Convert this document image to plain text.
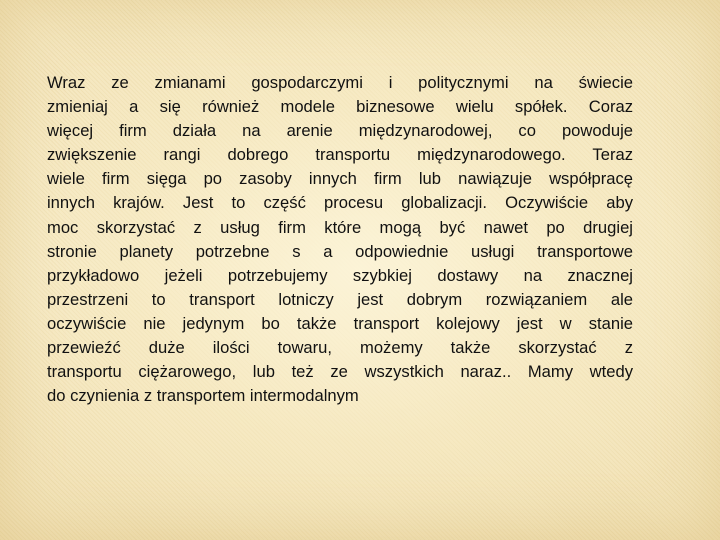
Wraz ze zmianami gospodarczymi i politycznymi na świecie
zmieniaj a się również modele biznesowe wielu spółek. Coraz
więcej firm działa na arenie międzynarodowej, co powoduje
zwiększenie rangi dobrego transportu międzynarodowego. Teraz
wiele firm sięga po zasoby innych firm lub nawiązuje współpracę
innych krajów. Jest to część procesu globalizacji. Oczywiście aby
moc skorzystać z usług firm które mogą być nawet po drugiej
stronie planety potrzebne s a odpowiednie usługi transportowe
przykładowo jeżeli potrzebujemy szybkiej dostawy na znacznej
przestrzeni to transport lotniczy jest dobrym rozwiązaniem ale
oczywiście nie jedynym bo także transport kolejowy jest w stanie
przewieźć duże ilości towaru, możemy także skorzystać z
transportu ciężarowego, lub też ze wszystkich naraz.. Mamy wtedy
do czynienia z transportem intermodalnym
